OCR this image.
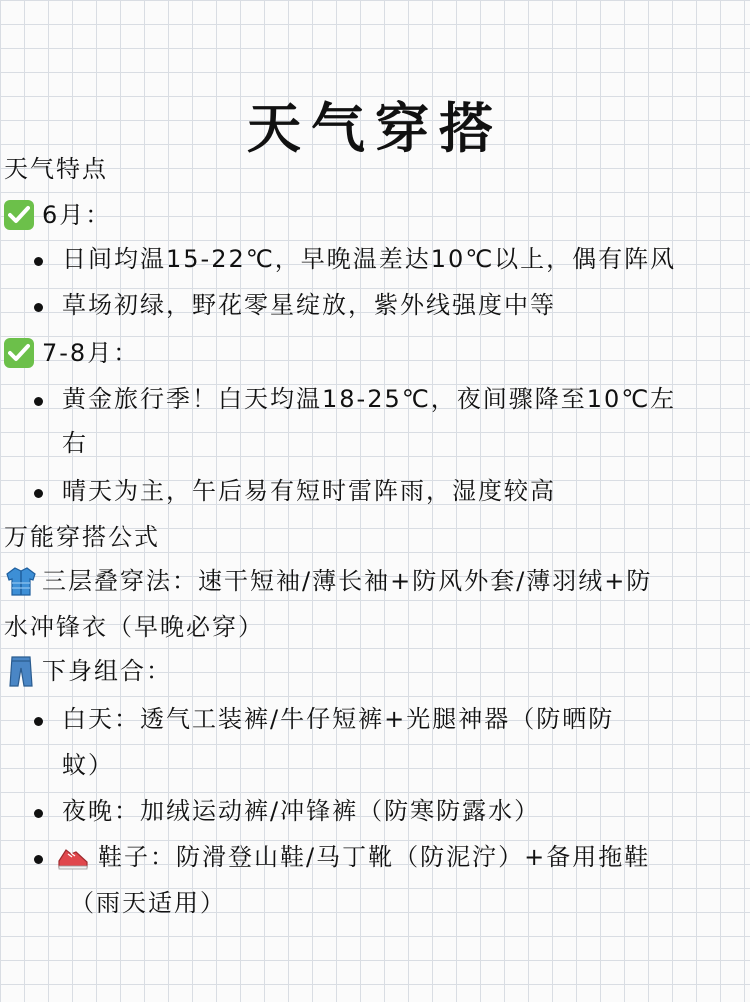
天气穿搭
天气特点
6月：
日间均温15-22℃，早晚温差达10℃以上，偶有阵风
草场初绿，野花零星绽放，紫外线强度中等
7-8月：
黄金旅行季！白天均温18-25℃，夜间骤降至10℃左
右
晴天为主，午后易有短时雷阵雨，湿度较高
万能穿搭公式
三层叠穿法：速干短袖/薄长袖+防风外套/薄羽绒+防
水冲锋衣（早晚必穿）
下身组合：
白天：透气工装裤/牛仔短裤+光腿神器（防晒防
蚊）
夜晚：加绒运动裤/冲锋裤（防寒防露水）
鞋子：防滑登山鞋/马丁靴（防泥泞）+备用拖鞋
（雨天适用）
